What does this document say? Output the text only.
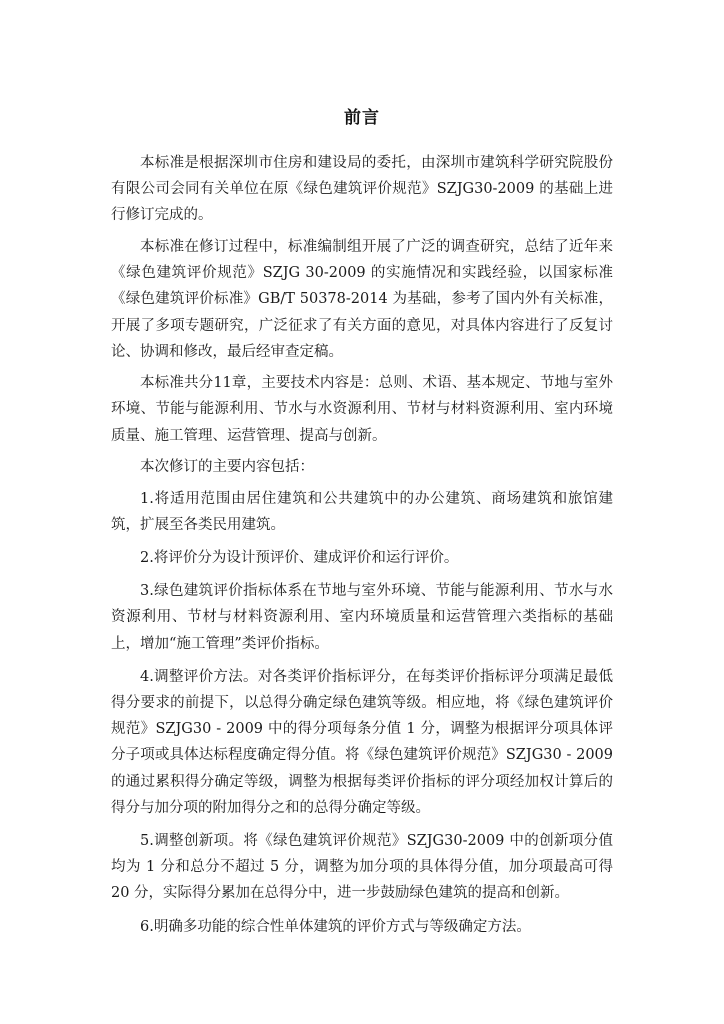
前言

本标准是根据深圳市住房和建设局的委托，由深圳市建筑科学研究院股份有限公司会同有关单位在原《绿色建筑评价规范》SZJG30-2009 的基础上进行修订完成的。

本标准在修订过程中，标准编制组开展了广泛的调查研究，总结了近年来《绿色建筑评价规范》SZJG 30-2009 的实施情况和实践经验，以国家标准《绿色建筑评价标准》GB/T 50378-2014 为基础，参考了国内外有关标准，开展了多项专题研究，广泛征求了有关方面的意见，对具体内容进行了反复讨论、协调和修改，最后经审查定稿。

本标准共分11章，主要技术内容是：总则、术语、基本规定、节地与室外环境、节能与能源利用、节水与水资源利用、节材与材料资源利用、室内环境质量、施工管理、运营管理、提高与创新。

本次修订的主要内容包括：

1.将适用范围由居住建筑和公共建筑中的办公建筑、商场建筑和旅馆建筑，扩展至各类民用建筑。

2.将评价分为设计预评价、建成评价和运行评价。

3.绿色建筑评价指标体系在节地与室外环境、节能与能源利用、节水与水资源利用、节材与材料资源利用、室内环境质量和运营管理六类指标的基础上，增加“施工管理”类评价指标。

4.调整评价方法。对各类评价指标评分，在每类评价指标评分项满足最低得分要求的前提下，以总得分确定绿色建筑等级。相应地，将《绿色建筑评价规范》SZJG30 - 2009 中的得分项每条分值 1 分，调整为根据评分项具体评分子项或具体达标程度确定得分值。将《绿色建筑评价规范》SZJG30 - 2009 的通过累积得分确定等级，调整为根据每类评价指标的评分项经加权计算后的得分与加分项的附加得分之和的总得分确定等级。

5.调整创新项。将《绿色建筑评价规范》SZJG30-2009 中的创新项分值均为 1 分和总分不超过 5 分，调整为加分项的具体得分值，加分项最高可得 20 分，实际得分累加在总得分中，进一步鼓励绿色建筑的提高和创新。

6.明确多功能的综合性单体建筑的评价方式与等级确定方法。
